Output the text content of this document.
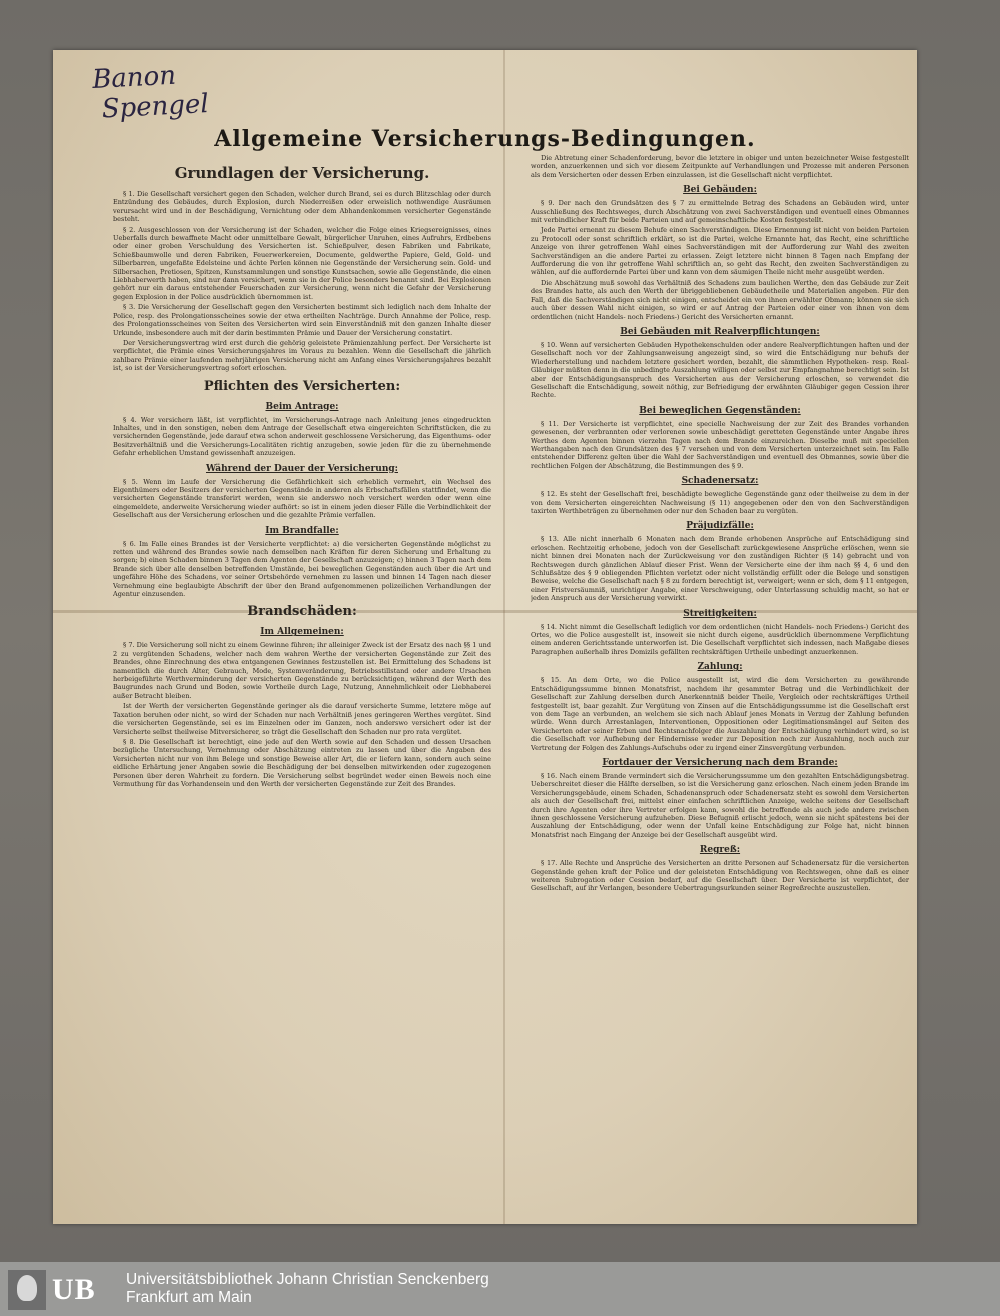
Banon
Spengel
Allgemeine Versicherungs-Bedingungen.
Grundlagen der Versicherung.

§ 1. Die Gesellschaft versichert gegen den Schaden, welcher durch Brand, sei es durch Blitzschlag oder durch Entzündung des Gebäudes, durch Explosion, durch Niederreißen oder erweislich nothwendige Ausräumen verursacht wird und in der Beschädigung, Vernichtung oder dem Abhandenkommen versicherter Gegenstände besteht.

§ 2. Ausgeschlossen von der Versicherung ist der Schaden, welcher die Folge eines Kriegsereignisses, eines Ueberfalls durch bewaffnete Macht oder unmittelbare Gewalt, bürgerlicher Unruhen, eines Aufruhrs, Erdbebens oder einer groben Verschuldung des Versicherten ist. Schießpulver, desen Fabriken und Fabrikate, Schießbaumwolle und deren Fabriken, Feuerwerkereien, Documente, geldwerthe Papiere, Geld, Gold- und Silberbarren, ungefaßte Edelsteine und ächte Perlen können nie Gegenstände der Versicherung sein. Gold- und Silbersachen, Pretiosen, Spitzen, Kunstsammlungen und sonstige Kunstsachen, sowie alle Gegenstände, die einen Liebhaberwerth haben, sind nur dann versichert, wenn sie in der Police besonders benannt sind. Bei Explosionen gehört nur ein daraus entstehender Feuerschaden zur Versicherung, wenn nicht die Gefahr der Versicherung gegen Explosion in der Police ausdrücklich übernommen ist.

§ 3. Die Versicherung der Gesellschaft gegen den Versicherten bestimmt sich lediglich nach dem Inhalte der Police, resp. des Prolongationsscheines sowie der etwa ertheilten Nachträge. Durch Annahme der Police, resp. des Prolongationsscheines von Seiten des Versicherten wird sein Einverständniß mit den ganzen Inhalte dieser Urkunde, insbesondere auch mit der darin bestimmten Prämie und Dauer der Versicherung constatirt.

Der Versicherungsvertrag wird erst durch die gehörig geleistete Prämienzahlung perfect. Der Versicherte ist verpflichtet, die Prämie eines Versicherungsjahres im Voraus zu bezahlen. Wenn die Gesellschaft die jährlich zahlbare Prämie einer laufenden mehrjährigen Versicherung nicht am Anfang eines Versicherungsjahres bezahlt ist, so ist der Versicherungsvertrag sofort erloschen.

Pflichten des Versicherten:
Beim Antrage:

§ 4. Wer versichern läßt, ist verpflichtet, im Versicherungs-Antrage nach Anleitung jenes eingedruckten Inhaltes, und in den sonstigen, neben dem Antrage der Gesellschaft etwa eingereichten Schriftstücken, die zu versichernden Gegenstände, jede darauf etwa schon anderweit geschlossene Versicherung, das Eigenthums- oder Besitzverhältniß und die Versicherungs-Localitäten richtig anzugeben, sowie jeden für die zu übernehmende Gefahr erheblichen Umstand gewissenhaft anzuzeigen.

Während der Dauer der Versicherung:

§ 5. Wenn im Laufe der Versicherung die Gefährlichkeit sich erheblich vermehrt, ein Wechsel des Eigenthümers oder Besitzers der versicherten Gegenstände in anderen als Erbschaftsfällen stattfindet, wenn die versicherten Gegenstände transferirt werden, wenn sie anderswo noch versichert werden oder wenn eine eingemeldete, anderweite Versicherung wieder aufhört: so ist in einem jeden dieser Fälle die Verbindlichkeit der Gesellschaft aus der Versicherung erloschen und die gezahlte Prämie verfallen.

Im Brandfalle:

§ 6. Im Falle eines Brandes ist der Versicherte verpflichtet: a) die versicherten Gegenstände möglichst zu retten und während des Brandes sowie nach demselben nach Kräften für deren Sicherung und Erhaltung zu sorgen; b) einen Schaden binnen 3 Tagen dem Agenten der Gesellschaft anzuzeigen; c) binnen 3 Tagen nach dem Brande sich über alle denselben betreffenden Umstände, bei beweglichen Gegenständen auch über die Art und ungefähre Höhe des Schadens, vor seiner Ortsbehörde vernehmen zu lassen und binnen 14 Tagen nach dieser Vernehmung eine beglaubigte Abschrift der über den Brand aufgenommenen polizeilichen Verhandlungen der Agentur einzusenden.

Brandschäden:
Im Allgemeinen:

§ 7. Die Versicherung soll nicht zu einem Gewinne führen; ihr alleiniger Zweck ist der Ersatz des nach §§ 1 und 2 zu vergütenden Schadens, welcher nach dem wahren Werthe der versicherten Gegenstände zur Zeit des Brandes, ohne Einrechnung des etwa entgangenen Gewinnes festzustellen ist. Bei Ermittelung des Schadens ist namentlich die durch Alter, Gebrauch, Mode, Systemveränderung, Betriebsstillstand oder andere Ursachen herbeigeführte Werthverminderung der versicherten Gegenstände zu berücksichtigen, während der Werth des Baugrundes nach Grund und Boden, sowie Vortheile durch Lage, Nutzung, Annehmlichkeit oder Liebhaberei außer Betracht bleiben.

Ist der Werth der versicherten Gegenstände geringer als die darauf versicherte Summe, letztere möge auf Taxation beruhen oder nicht, so wird der Schaden nur nach Verhältniß jenes geringeren Werthes vergütet. Sind die versicherten Gegenstände, sei es im Einzelnen oder im Ganzen, noch anderswo versichert oder ist der Versicherte selbst theilweise Mitversicherer, so trägt die Gesellschaft den Schaden nur pro rata vergütet.

§ 8. Die Gesellschaft ist berechtigt, eine jede auf den Werth sowie auf den Schaden und dessen Ursachen bezügliche Untersuchung, Vernehmung oder Abschätzung eintreten zu lassen und über die Angaben des Versicherten nicht nur von ihm Belege und sonstige Beweise aller Art, die er liefern kann, sondern auch seine eidliche Erhärtung jener Angaben sowie die Beschädigung der bei denselben mitwirkenden oder zugezogenen Personen über deren Wahrheit zu fordern. Die Versicherung selbst begründet weder einen Beweis noch eine Vermuthung für das Vorhandensein und den Werth der versicherten Gegenstände zur Zeit des Brandes.

Die Abtretung einer Schadenforderung, bevor die letztere in obiger und unten bezeichneter Weise festgestellt worden, anzuerkennen und sich vor diesem Zeitpunkte auf Verhandlungen und Prozesse mit anderen Personen als dem Versicherten oder dessen Erben einzulassen, ist die Gesellschaft nicht verpflichtet.

Bei Gebäuden:

§ 9. Der nach den Grundsätzen des § 7 zu ermittelnde Betrag des Schadens an Gebäuden wird, unter Ausschließung des Rechtsweges, durch Abschätzung von zwei Sachverständigen und eventuell eines Obmannes mit verbindlicher Kraft für beide Parteien und auf gemeinschaftliche Kosten festgestellt.

Jede Partei ernennt zu diesem Behufe einen Sachverständigen. Diese Ernennung ist nicht von beiden Parteien zu Protocoll oder sonst schriftlich erklärt, so ist die Partei, welche Ernannte hat, das Recht, eine schriftliche Anzeige von ihrer getroffenen Wahl eines Sachverständigen mit der Aufforderung zur Wahl des zweiten Sachverständigen an die andere Partei zu erlassen. Zeigt letztere nicht binnen 8 Tagen nach Empfang der Aufforderung die von ihr getroffene Wahl schriftlich an, so geht das Recht, den zweiten Sachverständigen zu wählen, auf die auffordernde Partei über und kann von dem säumigen Theile nicht mehr ausgeübt werden.

Die Abschätzung muß sowohl das Verhältniß des Schadens zum baulichen Werthe, den das Gebäude zur Zeit des Brandes hatte, als auch den Werth der übriggebliebenen Gebäudetheile und Materialien angeben. Für den Fall, daß die Sachverständigen sich nicht einigen, entscheidet ein von ihnen erwählter Obmann; können sie sich auch über dessen Wahl nicht einigen, so wird er auf Antrag der Parteien oder einer von ihnen von dem ordentlichen (nicht Handels- noch Friedens-) Gericht des Versicherten ernannt.

Bei Gebäuden mit Realverpflichtungen:

§ 10. Wenn auf versicherten Gebäuden Hypothekenschulden oder andere Realverpflichtungen haften und der Gesellschaft noch vor der Zahlungsanweisung angezeigt sind, so wird die Entschädigung nur behufs der Wiederherstellung und nachdem letztere gesichert worden, bezahlt, die sämmtlichen Hypotheken- resp. Real-Gläubiger müßten denn in die unbedingte Auszahlung willigen oder selbst zur Empfangnahme berechtigt sein. Ist aber der Entschädigungsanspruch des Versicherten aus der Versicherung erloschen, so verwendet die Gesellschaft die Entschädigung, soweit nöthig, zur Befriedigung der erwähnten Gläubiger gegen Cession ihrer Rechte.

Bei beweglichen Gegenständen:

§ 11. Der Versicherte ist verpflichtet, eine specielle Nachweisung der zur Zeit des Brandes vorhanden gewesenen, der verbrannten oder verlorenen sowie unbeschädigt geretteten Gegenstände unter Angabe ihres Werthes dem Agenten binnen vierzehn Tagen nach dem Brande einzureichen. Dieselbe muß mit speciellen Werthangaben nach den Grundsätzen des § 7 versehen und von dem Versicherten unterzeichnet sein. Im Falle entstehender Differenz gelten über die Wahl der Sachverständigen und eventuell des Obmannes, sowie über die rechtlichen Folgen der Abschätzung, die Bestimmungen des § 9.

Schadenersatz:

§ 12. Es steht der Gesellschaft frei, beschädigte bewegliche Gegenstände ganz oder theilweise zu dem in der von dem Versicherten eingereichten Nachweisung (§ 11) angegebenen oder den von den Sachverständigen taxirten Werthbeträgen zu übernehmen oder nur den Schaden baar zu vergüten.

Präjudizfälle:

§ 13. Alle nicht innerhalb 6 Monaten nach dem Brande erhobenen Ansprüche auf Entschädigung sind erloschen. Rechtzeitig erhobene, jedoch von der Gesellschaft zurückgewiesene Ansprüche erlöschen, wenn sie nicht binnen drei Monaten nach der Zurückweisung vor den zuständigen Richter (§ 14) gebracht und von Rechtswegen durch gänzlichen Ablauf dieser Frist. Wenn der Versicherte eine der ihm nach §§ 4, 6 und den Schlußsätze des § 9 obliegenden Pflichten verletzt oder nicht vollständig erfüllt oder die Belege und sonstigen Beweise, welche die Gesellschaft nach § 8 zu fordern berechtigt ist, verweigert; wenn er sich, dem § 11 entgegen, einer Fristversäumniß, unrichtiger Angabe, einer Verschweigung, oder Unterlassung schuldig macht, so hat er jeden Anspruch aus der Versicherung verwirkt.

Streitigkeiten:

§ 14. Nicht nimmt die Gesellschaft lediglich vor dem ordentlichen (nicht Handels- noch Friedens-) Gericht des Ortes, wo die Police ausgestellt ist, insoweit sie nicht durch eigene, ausdrücklich übernommene Verpflichtung einem anderen Gerichtsstande unterworfen ist. Die Gesellschaft verpflichtet sich indessen, nach Maßgabe dieses Paragraphen außerhalb ihres Domizils gefällten rechtskräftigen Urtheile unbedingt anzuerkennen.

Zahlung:

§ 15. An dem Orte, wo die Police ausgestellt ist, wird die dem Versicherten zu gewährende Entschädigungssumme binnen Monatsfrist, nachdem ihr gesammter Betrag und die Verbindlichkeit der Gesellschaft zur Zahlung derselben durch Anerkenntniß beider Theile, Vergleich oder rechtskräftiges Urtheil festgestellt ist, baar gezahlt. Zur Vergütung von Zinsen auf die Entschädigungssumme ist die Gesellschaft erst von dem Tage an verbunden, an welchem sie sich nach Ablauf jenes Monats in Verzug der Zahlung befunden würde. Wenn durch Arrestanlagen, Interventionen, Oppositionen oder Legitimationsmängel auf Seiten des Versicherten oder seiner Erben und Rechtsnachfolger die Auszahlung der Entschädigung verhindert wird, so ist die Gesellschaft vor Aufhebung der Hindernisse weder zur Deposition noch zur Auszahlung, noch auch zur Vertretung der Folgen des Zahlungs-Aufschubs oder zu irgend einer Zinsvergütung verbunden.

Fortdauer der Versicherung nach dem Brande:

§ 16. Nach einem Brande vermindert sich die Versicherungssumme um den gezahlten Entschädigungsbetrag. Ueberschreitet dieser die Hälfte derselben, so ist die Versicherung ganz erloschen. Nach einem jeden Brande im Versicherungsgebäude, einem Schaden, Schadenanspruch oder Schadenersatz steht es sowohl dem Versicherten als auch der Gesellschaft frei, mittelst einer einfachen schriftlichen Anzeige, welche seitens der Gesellschaft durch ihre Agenten oder ihre Vertreter erfolgen kann, sowohl die betreffende als auch jede andere zwischen ihnen geschlossene Versicherung aufzuheben. Diese Befugniß erlischt jedoch, wenn sie nicht spätestens bei der Auszahlung der Entschädigung, oder wenn der Unfall keine Entschädigung zur Folge hat, nicht binnen Monatsfrist nach Eingang der Anzeige bei der Gesellschaft ausgeübt wird.

Regreß:

§ 17. Alle Rechte und Ansprüche des Versicherten an dritte Personen auf Schadenersatz für die versicherten Gegenstände gehen kraft der Police und der geleisteten Entschädigung von Rechtswegen, ohne daß es einer weiteren Subrogation oder Cession bedarf, auf die Gesellschaft über. Der Versicherte ist verpflichtet, der Gesellschaft, auf ihr Verlangen, besondere Uebertragungsurkunden seiner Regreßrechte auszustellen.

UB Universitätsbibliothek Johann Christian Senckenberg
Frankfurt am Main
